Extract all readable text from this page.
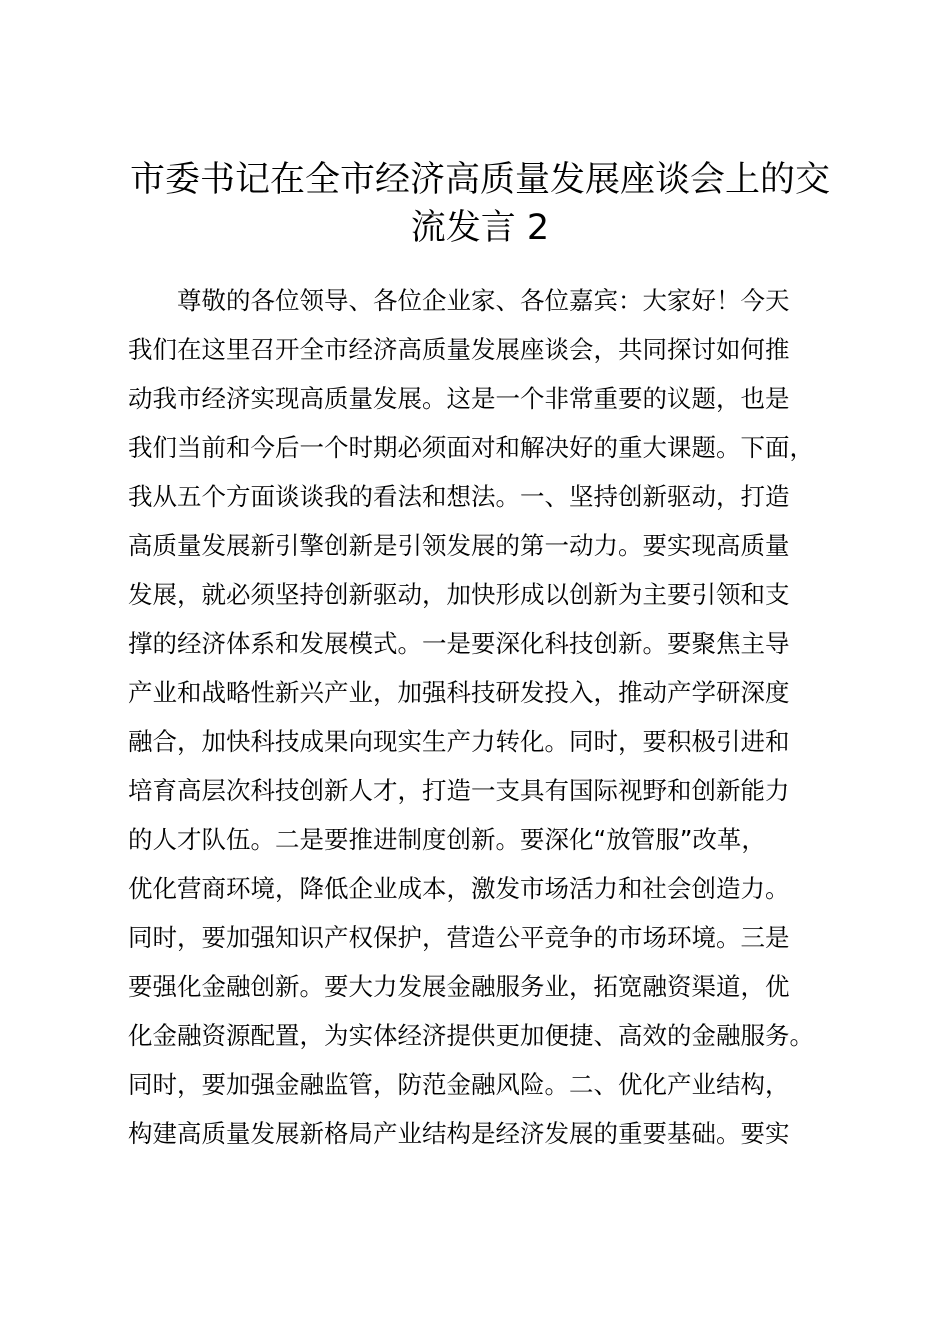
市委书记在全市经济高质量发展座谈会上的交
流发言 2
　　尊敬的各位领导、各位企业家、各位嘉宾：大家好！今天
我们在这里召开全市经济高质量发展座谈会，共同探讨如何推
动我市经济实现高质量发展。这是一个非常重要的议题，也是
我们当前和今后一个时期必须面对和解决好的重大课题。下面，
我从五个方面谈谈我的看法和想法。一、坚持创新驱动，打造
高质量发展新引擎创新是引领发展的第一动力。要实现高质量
发展，就必须坚持创新驱动，加快形成以创新为主要引领和支
撑的经济体系和发展模式。一是要深化科技创新。要聚焦主导
产业和战略性新兴产业，加强科技研发投入，推动产学研深度
融合，加快科技成果向现实生产力转化。同时，要积极引进和
培育高层次科技创新人才，打造一支具有国际视野和创新能力
的人才队伍。二是要推进制度创新。要深化“放管服”改革，
优化营商环境，降低企业成本，激发市场活力和社会创造力。
同时，要加强知识产权保护，营造公平竞争的市场环境。三是
要强化金融创新。要大力发展金融服务业，拓宽融资渠道，优
化金融资源配置，为实体经济提供更加便捷、高效的金融服务。
同时，要加强金融监管，防范金融风险。二、优化产业结构，
构建高质量发展新格局产业结构是经济发展的重要基础。要实
